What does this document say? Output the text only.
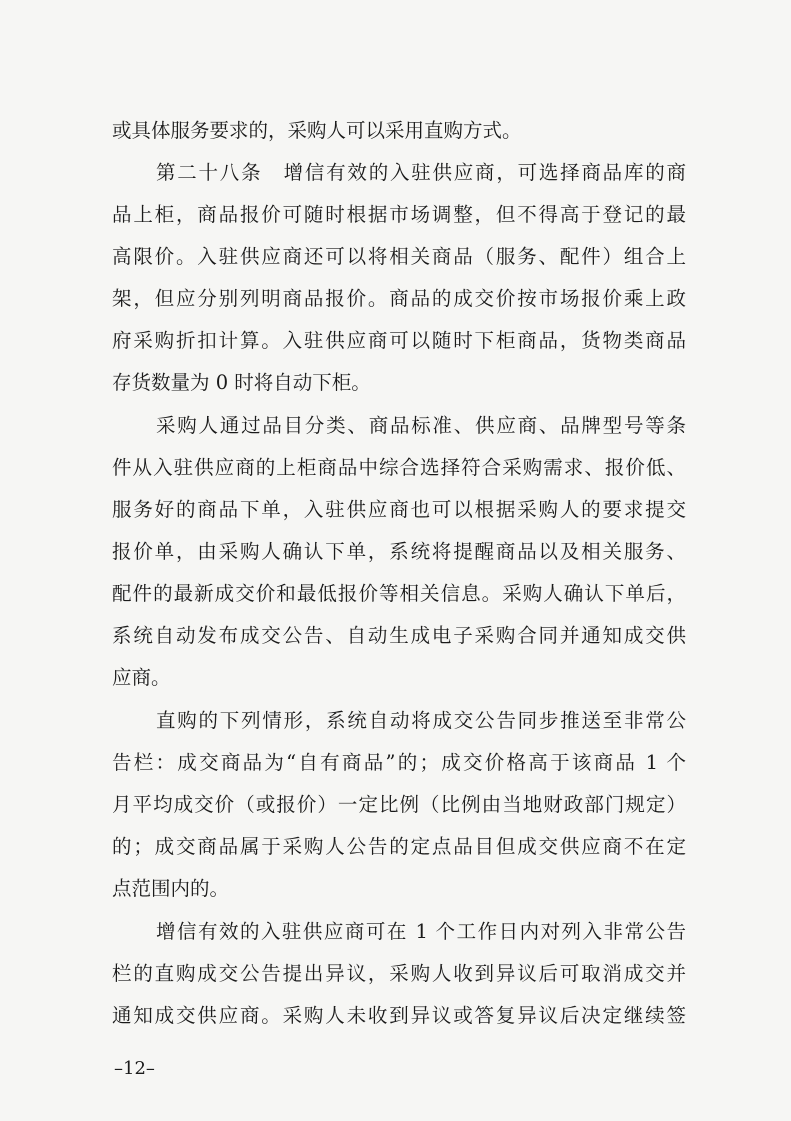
或具体服务要求的，采购人可以采用直购方式。
第二十八条　增信有效的入驻供应商，可选择商品库的商
品上柜，商品报价可随时根据市场调整，但不得高于登记的最
高限价。入驻供应商还可以将相关商品（服务、配件）组合上
架，但应分别列明商品报价。商品的成交价按市场报价乘上政
府采购折扣计算。入驻供应商可以随时下柜商品，货物类商品
存货数量为 0 时将自动下柜。
采购人通过品目分类、商品标准、供应商、品牌型号等条
件从入驻供应商的上柜商品中综合选择符合采购需求、报价低、
服务好的商品下单，入驻供应商也可以根据采购人的要求提交
报价单，由采购人确认下单，系统将提醒商品以及相关服务、
配件的最新成交价和最低报价等相关信息。采购人确认下单后，
系统自动发布成交公告、自动生成电子采购合同并通知成交供
应商。
直购的下列情形，系统自动将成交公告同步推送至非常公
告栏：成交商品为“自有商品”的；成交价格高于该商品 1 个
月平均成交价（或报价）一定比例（比例由当地财政部门规定）
的；成交商品属于采购人公告的定点品目但成交供应商不在定
点范围内的。
增信有效的入驻供应商可在 1 个工作日内对列入非常公告
栏的直购成交公告提出异议，采购人收到异议后可取消成交并
通知成交供应商。采购人未收到异议或答复异议后决定继续签
–12–
